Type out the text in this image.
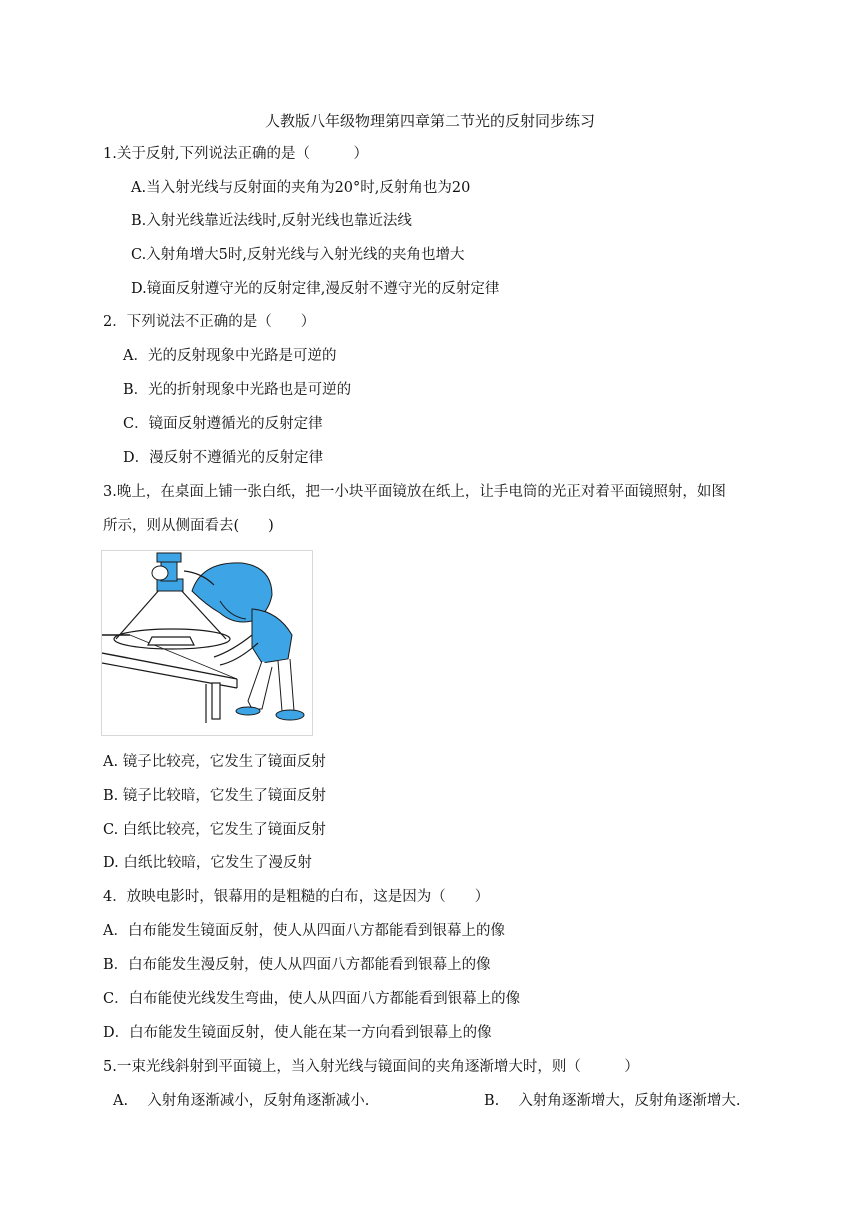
人教版八年级物理第四章第二节光的反射同步练习
1.关于反射,下列说法正确的是（　　　）
A.当入射光线与反射面的夹角为20°时,反射角也为20
B.入射光线靠近法线时,反射光线也靠近法线
C.入射角增大5时,反射光线与入射光线的夹角也增大
D.镜面反射遵守光的反射定律,漫反射不遵守光的反射定律
2．下列说法不正确的是（　　）
A．光的反射现象中光路是可逆的
B．光的折射现象中光路也是可逆的
C．镜面反射遵循光的反射定律
D．漫反射不遵循光的反射定律
3.晚上，在桌面上铺一张白纸，把一小块平面镜放在纸上，让手电筒的光正对着平面镜照射，如图
所示，则从侧面看去(　　)
A. 镜子比较亮，它发生了镜面反射
B. 镜子比较暗，它发生了镜面反射
C. 白纸比较亮，它发生了镜面反射
D. 白纸比较暗，它发生了漫反射
4．放映电影时，银幕用的是粗糙的白布，这是因为（　　）
A．白布能发生镜面反射，使人从四面八方都能看到银幕上的像
B．白布能发生漫反射，使人从四面八方都能看到银幕上的像
C．白布能使光线发生弯曲，使人从四面八方都能看到银幕上的像
D．白布能发生镜面反射，使人能在某一方向看到银幕上的像
5.一束光线斜射到平面镜上，当入射光线与镜面间的夹角逐渐增大时，则（　　　）
A.　 入射角逐渐减小，反射角逐渐减小.	B.　 入射角逐渐增大，反射角逐渐增大.
